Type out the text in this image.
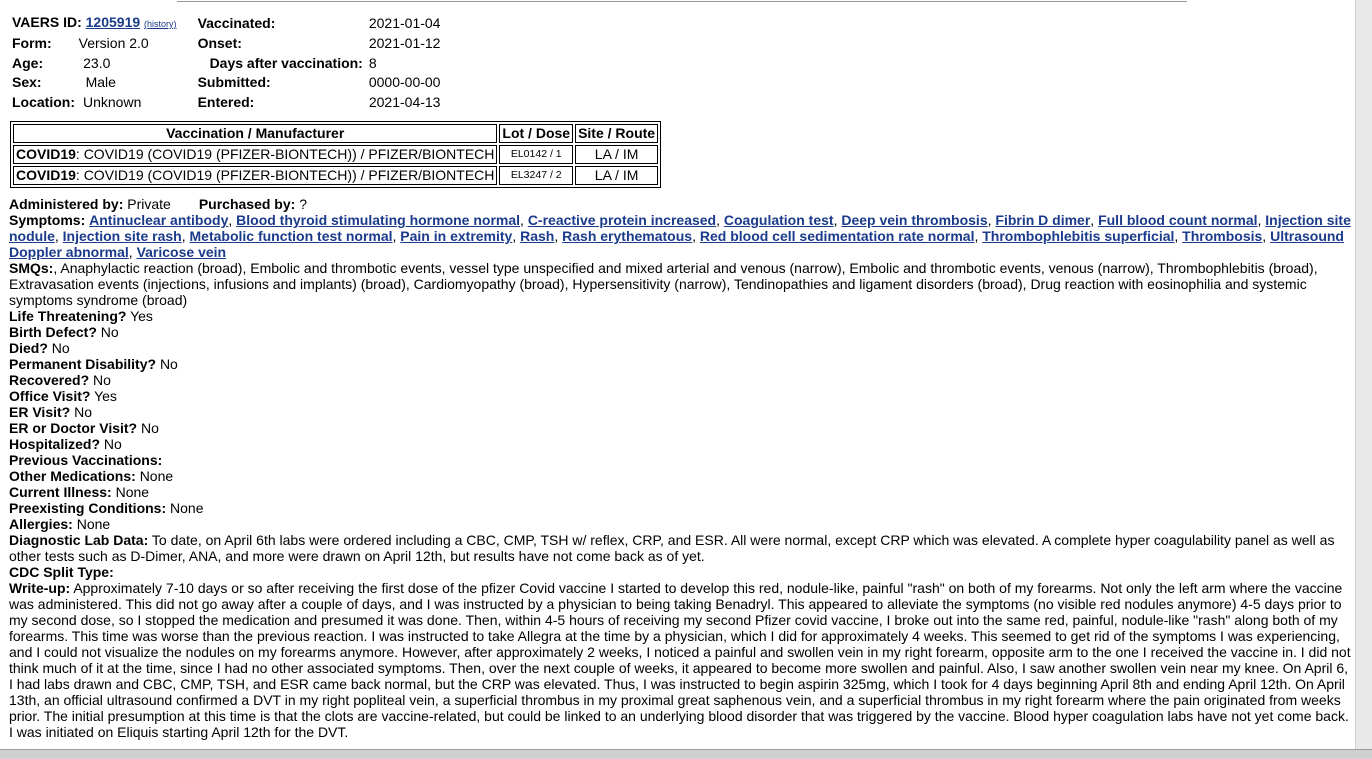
VAERS ID: 1205919 (history)		Vaccinated:	2021-01-04
Form: Version 2.0		Onset:	2021-01-12
Age: 23.0		Days after vaccination:	8
Sex: Male		Submitted:	0000-00-00
Location: Unknown		Entered:	2021-04-13
Vaccination / Manufacturer	Lot / Dose	Site / Route
COVID19: COVID19 (COVID19 (PFIZER-BIONTECH)) / PFIZER/BIONTECH	EL0142 / 1	LA / IM
COVID19: COVID19 (COVID19 (PFIZER-BIONTECH)) / PFIZER/BIONTECH	EL3247 / 2	LA / IM

Administered by: Private Purchased by: ?

Symptoms: Antinuclear antibody, Blood thyroid stimulating hormone normal, C-reactive protein increased, Coagulation test, Deep vein thrombosis, Fibrin D dimer, Full blood count normal, Injection site nodule, Injection site rash, Metabolic function test normal, Pain in extremity, Rash, Rash erythematous, Red blood cell sedimentation rate normal, Thrombophlebitis superficial, Thrombosis, Ultrasound Doppler abnormal, Varicose vein

SMQs:, Anaphylactic reaction (broad), Embolic and thrombotic events, vessel type unspecified and mixed arterial and venous (narrow), Embolic and thrombotic events, venous (narrow), Thrombophlebitis (broad), Extravasation events (injections, infusions and implants) (broad), Cardiomyopathy (broad), Hypersensitivity (narrow), Tendinopathies and ligament disorders (broad), Drug reaction with eosinophilia and systemic symptoms syndrome (broad)

Life Threatening? Yes

Birth Defect? No

Died? No

Permanent Disability? No

Recovered? No

Office Visit? Yes

ER Visit? No

ER or Doctor Visit? No

Hospitalized? No

Previous Vaccinations:

Other Medications: None

Current Illness: None

Preexisting Conditions: None

Allergies: None

Diagnostic Lab Data: To date, on April 6th labs were ordered including a CBC, CMP, TSH w/ reflex, CRP, and ESR. All were normal, except CRP which was elevated. A complete hyper coagulability panel as well as other tests such as D-Dimer, ANA, and more were drawn on April 12th, but results have not come back as of yet.

CDC Split Type:

Write-up: Approximately 7-10 days or so after receiving the first dose of the pfizer Covid vaccine I started to develop this red, nodule-like, painful "rash" on both of my forearms. Not only the left arm where the vaccine was administered. This did not go away after a couple of days, and I was instructed by a physician to being taking Benadryl. This appeared to alleviate the symptoms (no visible red nodules anymore) 4-5 days prior to my second dose, so I stopped the medication and presumed it was done. Then, within 4-5 hours of receiving my second Pfizer covid vaccine, I broke out into the same red, painful, nodule-like "rash" along both of my forearms. This time was worse than the previous reaction. I was instructed to take Allegra at the time by a physician, which I did for approximately 4 weeks. This seemed to get rid of the symptoms I was experiencing, and I could not visualize the nodules on my forearms anymore. However, after approximately 2 weeks, I noticed a painful and swollen vein in my right forearm, opposite arm to the one I received the vaccine in. I did not think much of it at the time, since I had no other associated symptoms. Then, over the next couple of weeks, it appeared to become more swollen and painful. Also, I saw another swollen vein near my knee. On April 6, I had labs drawn and CBC, CMP, TSH, and ESR came back normal, but the CRP was elevated. Thus, I was instructed to begin aspirin 325mg, which I took for 4 days beginning April 8th and ending April 12th. On April 13th, an official ultrasound confirmed a DVT in my right popliteal vein, a superficial thrombus in my proximal great saphenous vein, and a superficial thrombus in my right forearm where the pain originated from weeks prior. The initial presumption at this time is that the clots are vaccine-related, but could be linked to an underlying blood disorder that was triggered by the vaccine. Blood hyper coagulation labs have not yet come back. I was initiated on Eliquis starting April 12th for the DVT.
